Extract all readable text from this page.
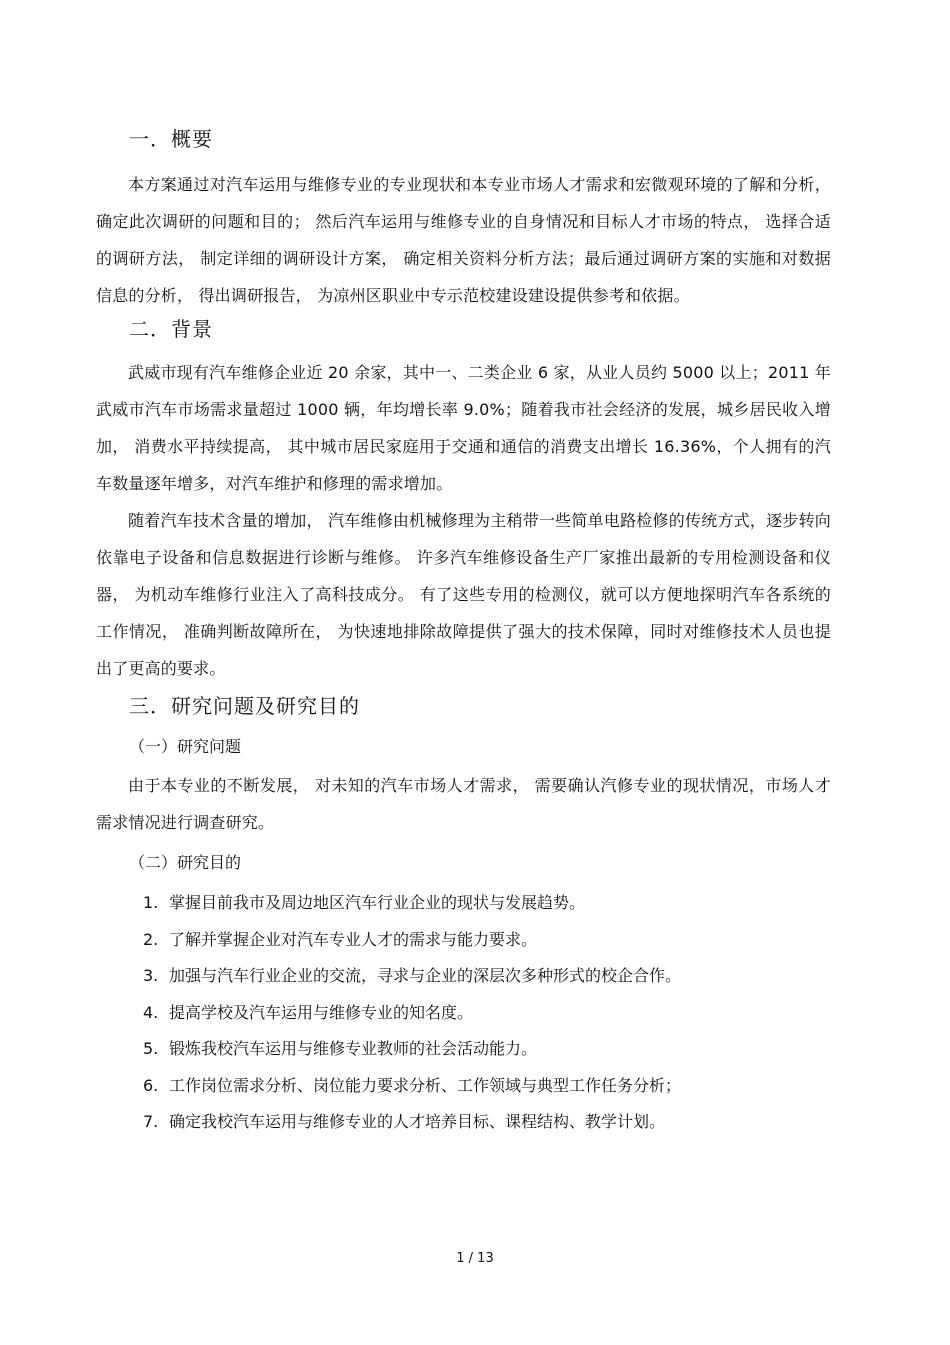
一．概要

本方案通过对汽车运用与维修专业的专业现状和本专业市场人才需求和宏微观环境的了解和分析， 确定此次调研的问题和目的； 然后汽车运用与维修专业的自身情况和目标人才市场的特点， 选择合适的调研方法， 制定详细的调研设计方案， 确定相关资料分析方法；最后通过调研方案的实施和对数据信息的分析， 得出调研报告， 为凉州区职业中专示范校建设建设提供参考和依据。

二．背景

武威市现有汽车维修企业近 20 余家，其中一、二类企业 6 家，从业人员约 5000 以上；2011 年武威市汽车市场需求量超过 1000 辆，年均增长率 9.0%；随着我市社会经济的发展，城乡居民收入增加， 消费水平持续提高， 其中城市居民家庭用于交通和通信的消费支出增长 16.36%，个人拥有的汽车数量逐年增多，对汽车维护和修理的需求增加。

随着汽车技术含量的增加， 汽车维修由机械修理为主稍带一些简单电路检修的传统方式，逐步转向依靠电子设备和信息数据进行诊断与维修。 许多汽车维修设备生产厂家推出最新的专用检测设备和仪器， 为机动车维修行业注入了高科技成分。 有了这些专用的检测仪，就可以方便地探明汽车各系统的工作情况， 准确判断故障所在， 为快速地排除故障提供了强大的技术保障，同时对维修技术人员也提出了更高的要求。

三．研究问题及研究目的

（一）研究问题

由于本专业的不断发展， 对未知的汽车市场人才需求， 需要确认汽修专业的现状情况，市场人才需求情况进行调查研究。

（二）研究目的

1. 掌握目前我市及周边地区汽车行业企业的现状与发展趋势。
2. 了解并掌握企业对汽车专业人才的需求与能力要求。
3. 加强与汽车行业企业的交流，寻求与企业的深层次多种形式的校企合作。
4. 提高学校及汽车运用与维修专业的知名度。
5. 锻炼我校汽车运用与维修专业教师的社会活动能力。
6. 工作岗位需求分析、岗位能力要求分析、工作领域与典型工作任务分析；
7. 确定我校汽车运用与维修专业的人才培养目标、课程结构、教学计划。
1 / 13
